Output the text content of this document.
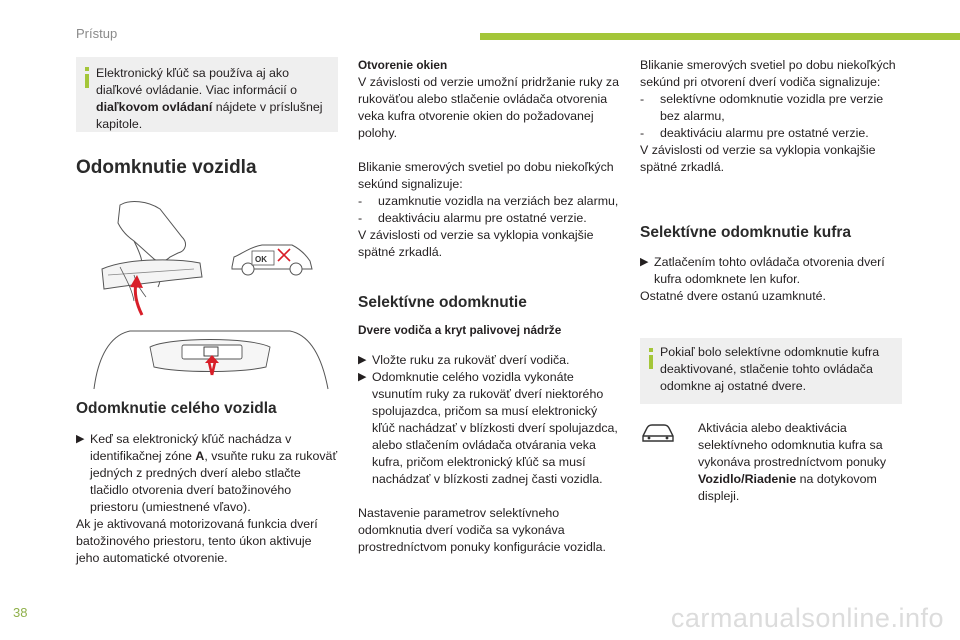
Prístup

Elektronický kľúč sa používa aj ako diaľkové ovládanie. Viac informácií o diaľkovom ovládaní nájdete v príslušnej kapitole.

Odomknutie vozidla
OK
Odomknutie celého vozidla
▶︎ Keď sa elektronický kľúč nachádza v identifikačnej zóne A, vsuňte ruku za rukoväť jedných z predných dverí alebo stlačte tlačidlo otvorenia dverí batožinového priestoru (umiestnené vľavo).

Ak je aktivovaná motorizovaná funkcia dverí batožinového priestoru, tento úkon aktivuje jeho automatické otvorenie.

Otvorenie okien

V závislosti od verzie umožní pridržanie ruky za rukoväťou alebo stlačenie ovládača otvorenia veka kufra otvorenie okien do požadovanej polohy.

Blikanie smerových svetiel po dobu niekoľkých sekúnd signalizuje:

- uzamknutie vozidla na verziách bez alarmu,
- deaktiváciu alarmu pre ostatné verzie.

V závislosti od verzie sa vyklopia vonkajšie spätné zrkadlá.

Selektívne odomknutie

Dvere vodiča a kryt palivovej nádrže

▶︎ Vložte ruku za rukoväť dverí vodiča.
▶︎ Odomknutie celého vozidla vykonáte vsunutím ruky za rukoväť dverí niektorého spolujazdca, pričom sa musí elektronický kľúč nachádzať v blízkosti dverí spolujazdca, alebo stlačením ovládača otvárania veka kufra, pričom elektronický kľúč sa musí nachádzať v blízkosti zadnej časti vozidla.

Nastavenie parametrov selektívneho odomknutia dverí vodiča sa vykonáva prostredníctvom ponuky konfigurácie vozidla.

Blikanie smerových svetiel po dobu niekoľkých sekúnd pri otvorení dverí vodiča signalizuje:

- selektívne odomknutie vozidla pre verzie bez alarmu,
- deaktiváciu alarmu pre ostatné verzie.

V závislosti od verzie sa vyklopia vonkajšie spätné zrkadlá.

Selektívne odomknutie kufra
▶︎ Zatlačením tohto ovládača otvorenia dverí kufra odomknete len kufor.

Ostatné dvere ostanú uzamknuté.

Pokiaľ bolo selektívne odomknutie kufra deaktivované, stlačenie tohto ovládača odomkne aj ostatné dvere.

Aktivácia alebo deaktivácia selektívneho odomknutia kufra sa vykonáva prostredníctvom ponuky Vozidlo/Riadenie na dotykovom displeji.

38	carmanualsonline.info
